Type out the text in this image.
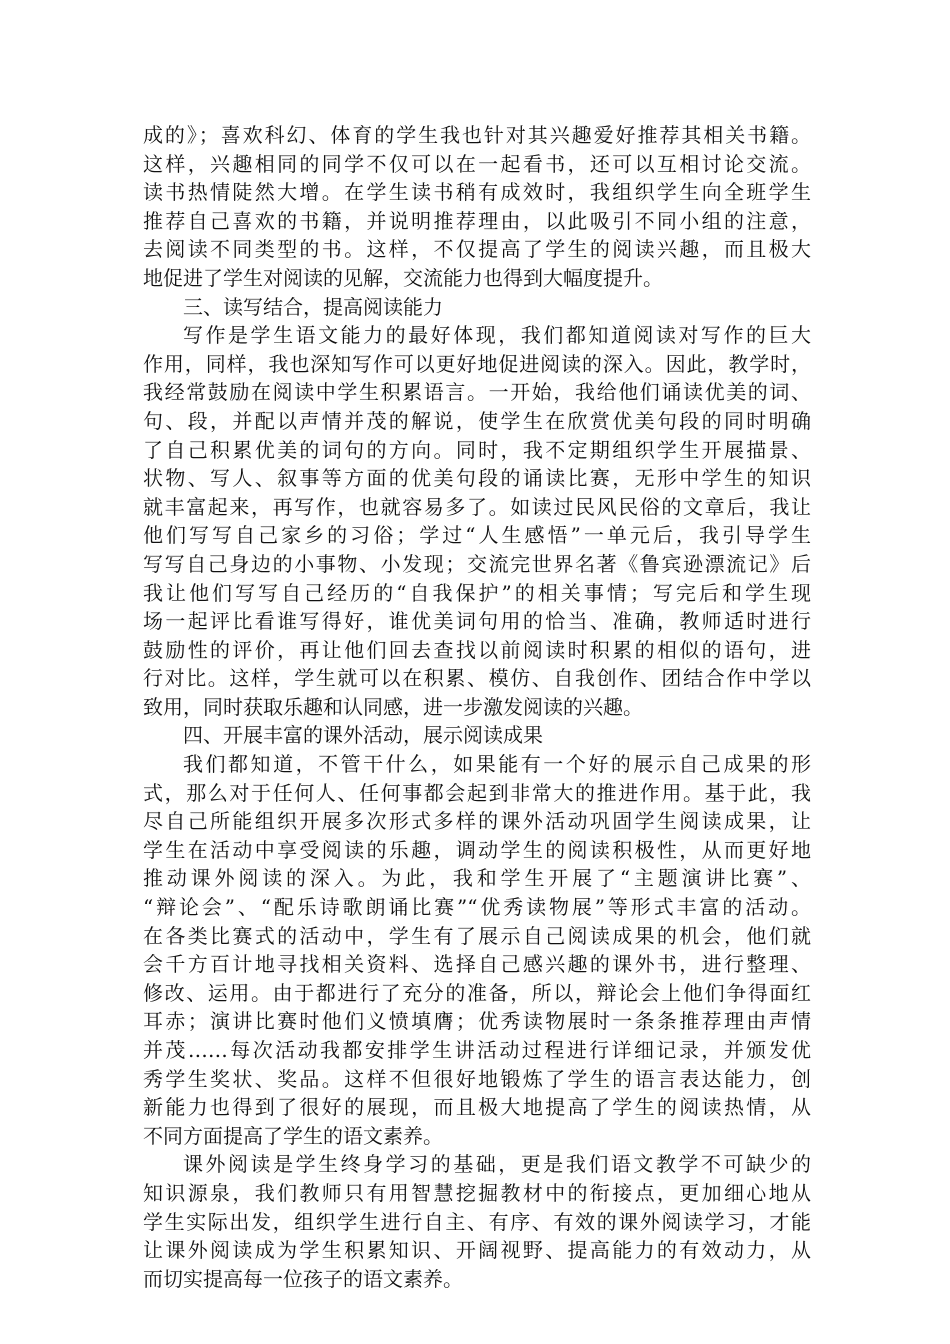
成的》；喜欢科幻、体育的学生我也针对其兴趣爱好推荐其相关书籍。
这样，兴趣相同的同学不仅可以在一起看书，还可以互相讨论交流。
读书热情陡然大增。在学生读书稍有成效时，我组织学生向全班学生
推荐自己喜欢的书籍，并说明推荐理由，以此吸引不同小组的注意，
去阅读不同类型的书。这样，不仅提高了学生的阅读兴趣，而且极大
地促进了学生对阅读的见解，交流能力也得到大幅度提升。
三、读写结合，提高阅读能力
写作是学生语文能力的最好体现，我们都知道阅读对写作的巨大
作用，同样，我也深知写作可以更好地促进阅读的深入。因此，教学时，
我经常鼓励在阅读中学生积累语言。一开始，我给他们诵读优美的词、
句、段，并配以声情并茂的解说，使学生在欣赏优美句段的同时明确
了自己积累优美的词句的方向。同时，我不定期组织学生开展描景、
状物、写人、叙事等方面的优美句段的诵读比赛，无形中学生的知识
就丰富起来，再写作，也就容易多了。如读过民风民俗的文章后，我让
他们写写自己家乡的习俗；学过“人生感悟”一单元后，我引导学生
写写自己身边的小事物、小发现；交流完世界名著《鲁宾逊漂流记》后
我让他们写写自己经历的“自我保护”的相关事情；写完后和学生现
场一起评比看谁写得好，谁优美词句用的恰当、准确，教师适时进行
鼓励性的评价，再让他们回去查找以前阅读时积累的相似的语句，进
行对比。这样，学生就可以在积累、模仿、自我创作、团结合作中学以
致用，同时获取乐趣和认同感，进一步激发阅读的兴趣。
四、开展丰富的课外活动，展示阅读成果
我们都知道，不管干什么，如果能有一个好的展示自己成果的形
式，那么对于任何人、任何事都会起到非常大的推进作用。基于此，我
尽自己所能组织开展多次形式多样的课外活动巩固学生阅读成果，让
学生在活动中享受阅读的乐趣，调动学生的阅读积极性，从而更好地
推动课外阅读的深入。为此，我和学生开展了“主题演讲比赛”、
“辩论会”、“配乐诗歌朗诵比赛”“优秀读物展”等形式丰富的活动。
在各类比赛式的活动中，学生有了展示自己阅读成果的机会，他们就
会千方百计地寻找相关资料、选择自己感兴趣的课外书，进行整理、
修改、运用。由于都进行了充分的准备，所以，辩论会上他们争得面红
耳赤；演讲比赛时他们义愤填膺；优秀读物展时一条条推荐理由声情
并茂……每次活动我都安排学生讲活动过程进行详细记录，并颁发优
秀学生奖状、奖品。这样不但很好地锻炼了学生的语言表达能力，创
新能力也得到了很好的展现，而且极大地提高了学生的阅读热情，从
不同方面提高了学生的语文素养。
课外阅读是学生终身学习的基础，更是我们语文教学不可缺少的
知识源泉，我们教师只有用智慧挖掘教材中的衔接点，更加细心地从
学生实际出发，组织学生进行自主、有序、有效的课外阅读学习，才能
让课外阅读成为学生积累知识、开阔视野、提高能力的有效动力，从
而切实提高每一位孩子的语文素养。
